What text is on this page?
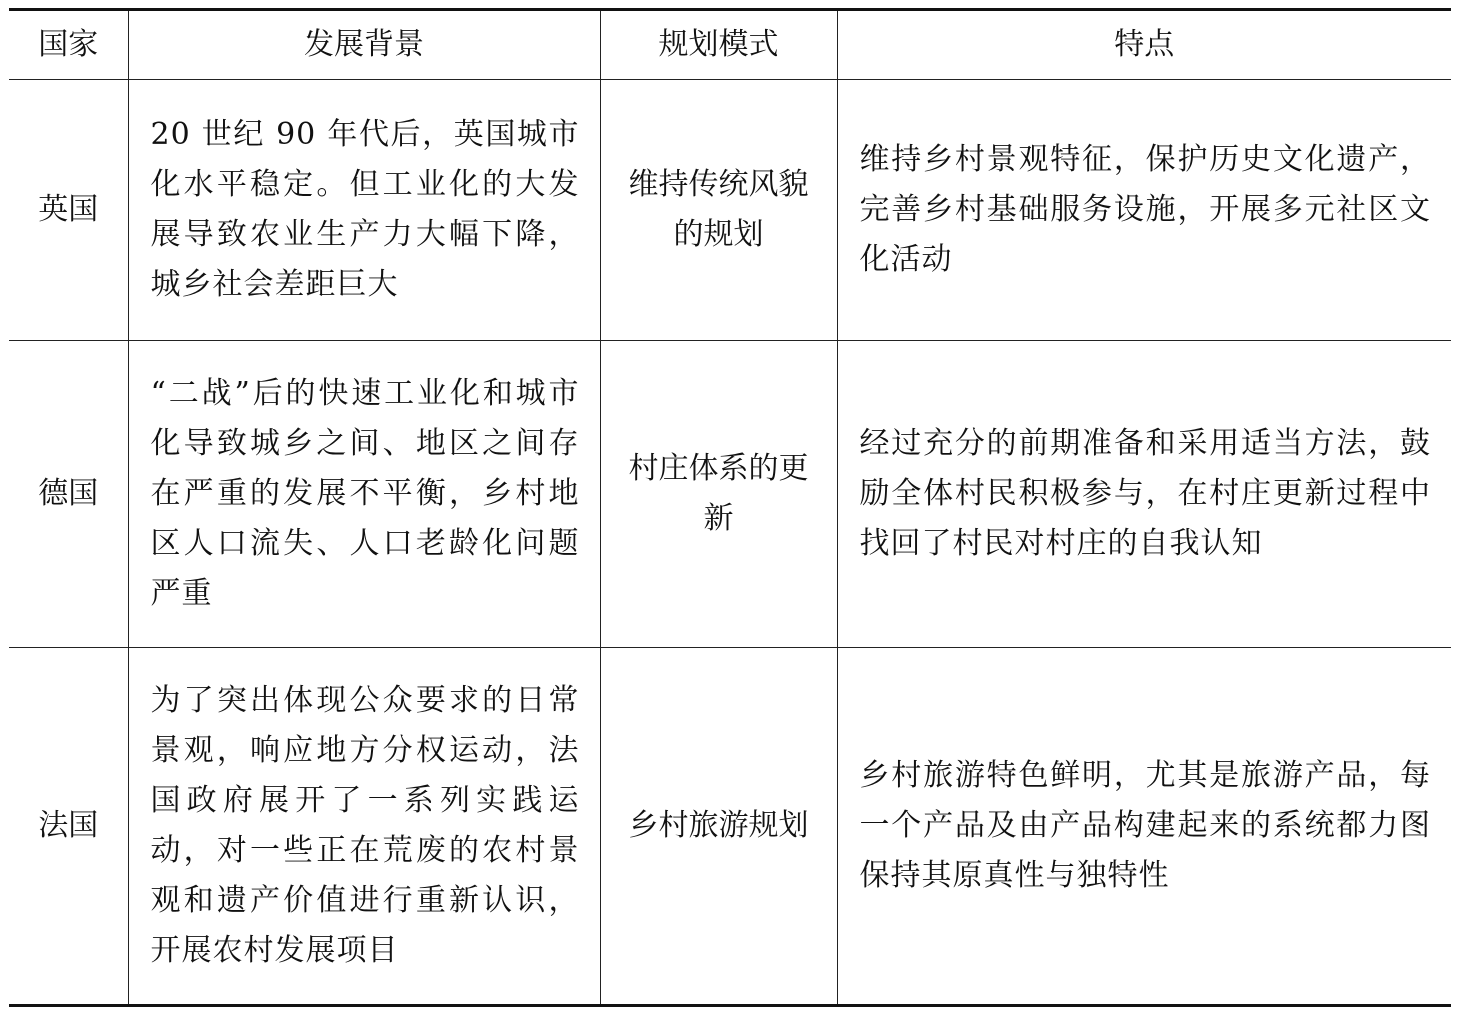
国家	发展背景	规划模式	特点
英国	20 世纪 90 年代后，英国城市化水平稳定。但工业化的大发展导致农业生产力大幅下降，城乡社会差距巨大	维持传统风貌的规划	维持乡村景观特征，保护历史文化遗产，完善乡村基础服务设施，开展多元社区文化活动

德国	“二战”后的快速工业化和城市化导致城乡之间、地区之间存在严重的发展不平衡，乡村地区人口流失、人口老龄化问题严重	村庄体系的更新	经过充分的前期准备和采用适当方法，鼓励全体村民积极参与，在村庄更新过程中找回了村民对村庄的自我认知

法国	为了突出体现公众要求的日常景观，响应地方分权运动，法国政府展开了一系列实践运动，对一些正在荒废的农村景观和遗产价值进行重新认识，开展农村发展项目	乡村旅游规划	乡村旅游特色鲜明，尤其是旅游产品，每一个产品及由产品构建起来的系统都力图保持其原真性与独特性
